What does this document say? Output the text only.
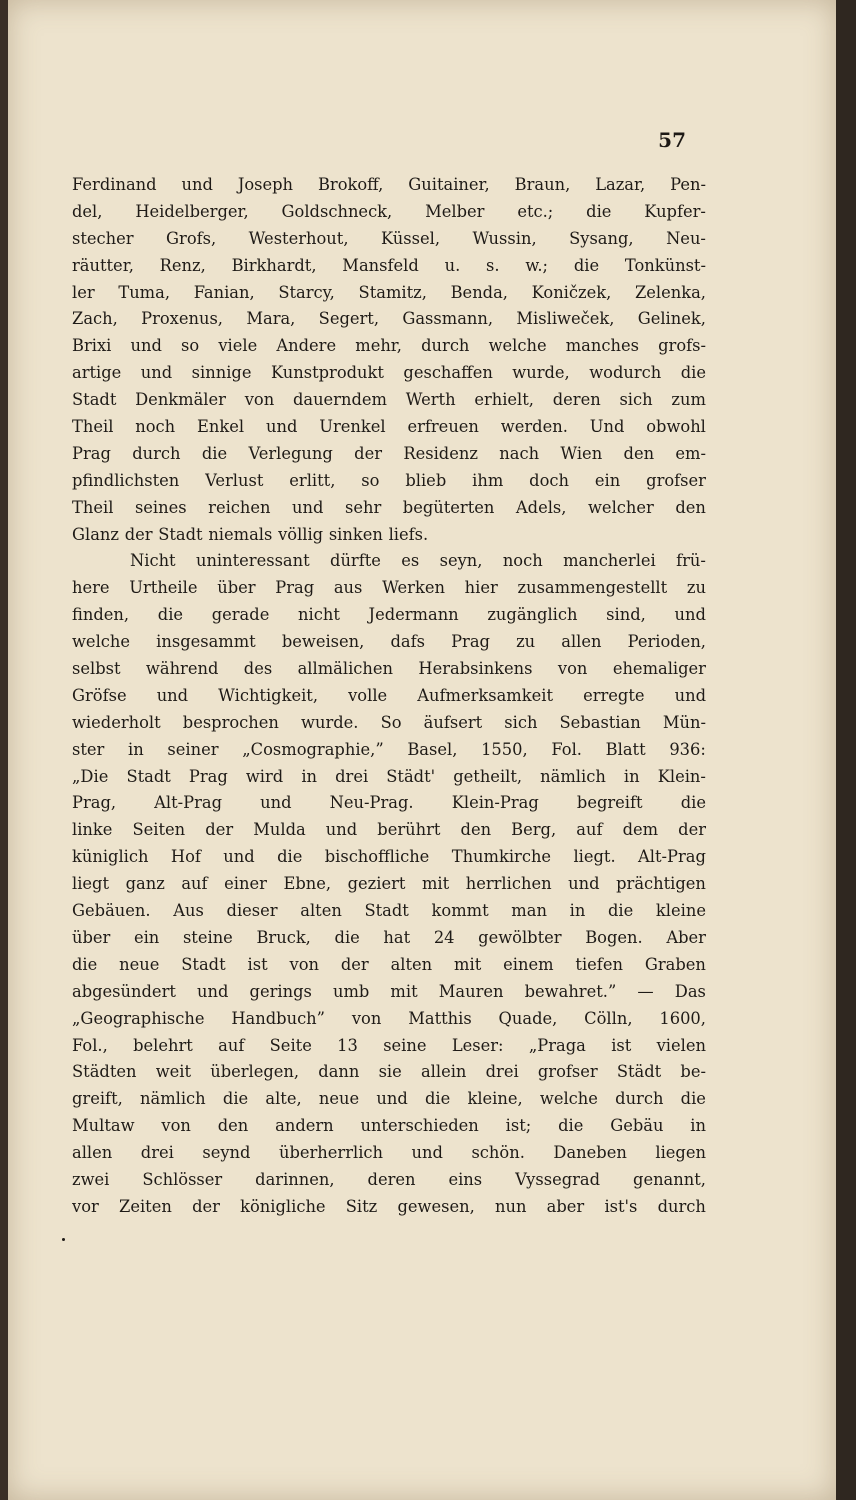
57
Ferdinand und Joseph Brokoff, Guitainer, Braun, Lazar, Pen-
del, Heidelberger, Goldschneck, Melber etc.; die Kupfer-
stecher Grofs, Westerhout, Küssel, Wussin, Sysang, Neu-
räutter, Renz, Birkhardt, Mansfeld u. s. w.; die Tonkünst-
ler Tuma, Fanian, Starcy, Stamitz, Benda, Koničzek, Zelenka,
Zach, Proxenus, Mara, Segert, Gassmann, Misliweček, Gelinek,
Brixi und so viele Andere mehr, durch welche manches grofs-
artige und sinnige Kunstprodukt geschaffen wurde, wodurch die
Stadt Denkmäler von dauerndem Werth erhielt, deren sich zum
Theil noch Enkel und Urenkel erfreuen werden. Und obwohl
Prag durch die Verlegung der Residenz nach Wien den em-
pfindlichsten Verlust erlitt, so blieb ihm doch ein grofser
Theil seines reichen und sehr begüterten Adels, welcher den
Glanz der Stadt niemals völlig sinken liefs.
Nicht uninteressant dürfte es seyn, noch mancherlei frü-
here Urtheile über Prag aus Werken hier zusammengestellt zu
finden, die gerade nicht Jedermann zugänglich sind, und
welche insgesammt beweisen, dafs Prag zu allen Perioden,
selbst während des allmälichen Herabsinkens von ehemaliger
Gröfse und Wichtigkeit, volle Aufmerksamkeit erregte und
wiederholt besprochen wurde. So äufsert sich Sebastian Mün-
ster in seiner „Cosmographie,” Basel, 1550, Fol. Blatt 936:
„Die Stadt Prag wird in drei Städt' getheilt, nämlich in Klein-
Prag, Alt-Prag und Neu-Prag. Klein-Prag begreift die
linke Seiten der Mulda und berührt den Berg, auf dem der
küniglich Hof und die bischoffliche Thumkirche liegt. Alt-Prag
liegt ganz auf einer Ebne, geziert mit herrlichen und prächtigen
Gebäuen. Aus dieser alten Stadt kommt man in die kleine
über ein steine Bruck, die hat 24 gewölbter Bogen. Aber
die neue Stadt ist von der alten mit einem tiefen Graben
abgesündert und gerings umb mit Mauren bewahret.” — Das
„Geographische Handbuch” von Matthis Quade, Cölln, 1600,
Fol., belehrt auf Seite 13 seine Leser: „Praga ist vielen
Städten weit überlegen, dann sie allein drei grofser Städt be-
greift, nämlich die alte, neue und die kleine, welche durch die
Multaw von den andern unterschieden ist; die Gebäu in
allen drei seynd überherrlich und schön. Daneben liegen
zwei Schlösser darinnen, deren eins Vyssegrad genannt,
vor Zeiten der königliche Sitz gewesen, nun aber ist's durch
